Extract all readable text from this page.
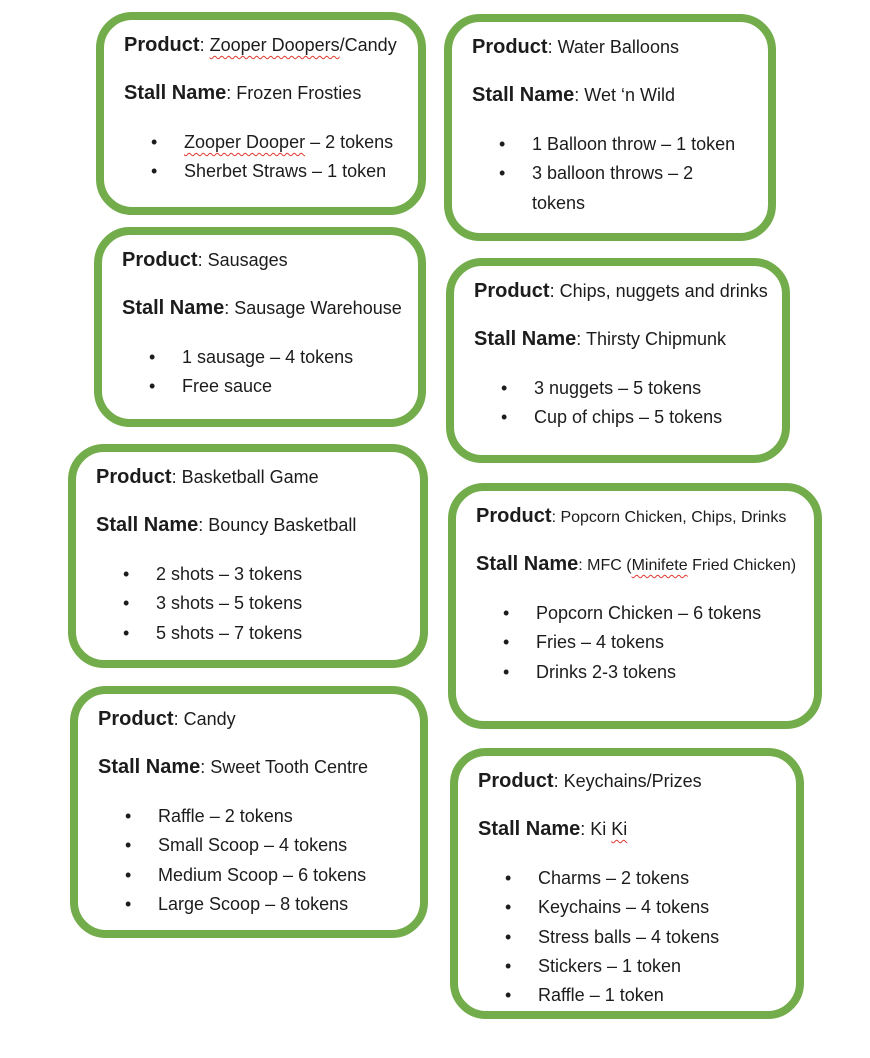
Product: Zooper Doopers/Candy

Stall Name: Frozen Frosties

• Zooper Dooper – 2 tokens
• Sherbet Straws – 1 token

Product: Sausages

Stall Name: Sausage Warehouse

• 1 sausage – 4 tokens
• Free sauce

Product: Basketball Game

Stall Name: Bouncy Basketball

• 2 shots – 3 tokens
• 3 shots – 5 tokens
• 5 shots – 7 tokens

Product: Candy

Stall Name: Sweet Tooth Centre

• Raffle – 2 tokens
• Small Scoop – 4 tokens
• Medium Scoop – 6 tokens
• Large Scoop – 8 tokens

Product: Water Balloons

Stall Name: Wet ‘n Wild

• 1 Balloon throw – 1 token
• 3 balloon throws – 2 tokens

Product: Chips, nuggets and drinks

Stall Name: Thirsty Chipmunk

• 3 nuggets – 5 tokens
• Cup of chips – 5 tokens

Product: Popcorn Chicken, Chips, Drinks

Stall Name: MFC (Minifete Fried Chicken)

• Popcorn Chicken – 6 tokens
• Fries – 4 tokens
• Drinks 2-3 tokens

Product: Keychains/Prizes

Stall Name: Ki Ki

• Charms – 2 tokens
• Keychains – 4 tokens
• Stress balls – 4 tokens
• Stickers – 1 token
• Raffle – 1 token
